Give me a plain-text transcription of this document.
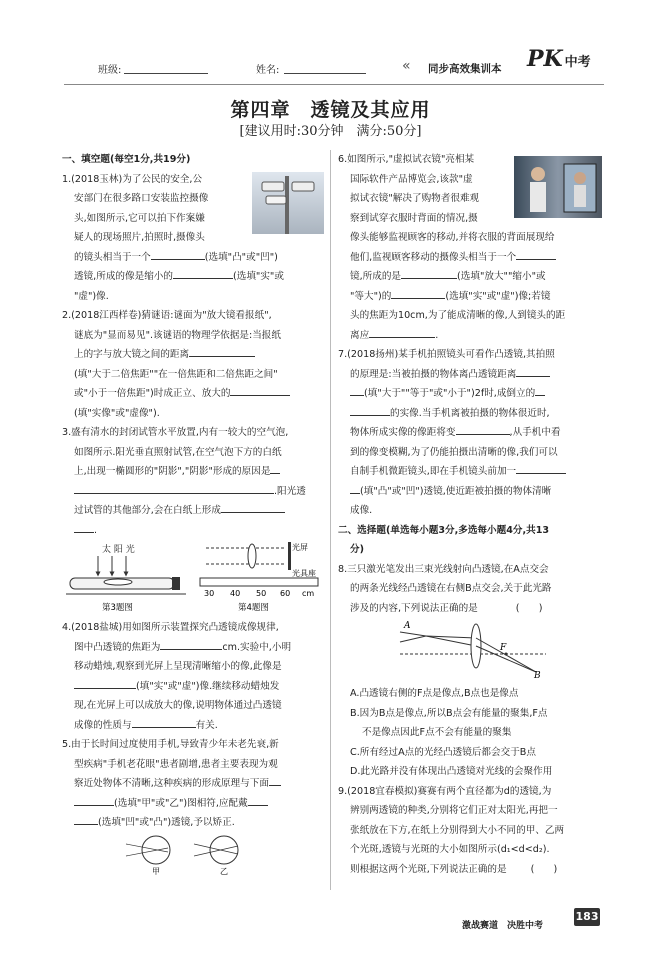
班级:	姓名:	« 同步高效集训本 PK 中考
第四章　透镜及其应用
[建议用时:30分钟　满分:50分]

一、填空题(每空1分,共19分)

1.(2018玉林)为了公民的安全,公

安部门在很多路口安装监控摄像

头,如图所示,它可以拍下作案嫌

疑人的现场照片,拍照时,摄像头

的镜头相当于一个	(选填"凸"或"凹")

透镜,所成的像是缩小的	(选填"实"或

"虚")像.

2.(2018江西样卷)猜谜语:谜面为"放大镜看报纸",

谜底为"显而易见".该谜语的物理学依据是:当报纸

上的字与放大镜之间的距离

(填"大于二倍焦距""在一倍焦距和二倍焦距之间"

或"小于一倍焦距")时成正立、放大的

(填"实像"或"虚像").

3.盛有清水的封闭试管水平放置,内有一较大的空气泡,

如图所示.阳光垂直照射试管,在空气泡下方的白纸

上,出现一椭圆形的"阴影","阴影"形成的原因是

.阳光透

过试管的其他部分,会在白纸上形成

.

太 阳 光
第3题图
光屏
光具座
30 40 50 60 cm
第4题图

4.(2018盐城)用如图所示装置探究凸透镜成像规律,

图中凸透镜的焦距为	cm.实验中,小明

移动蜡烛,观察到光屏上呈现清晰缩小的像,此像是

(填"实"或"虚")像.继续移动蜡烛发

现,在光屏上可以成放大的像,说明物体通过凸透镜

成像的性质与	有关.

5.由于长时间过度使用手机,导致青少年未老先衰,新

型疾病"手机老花眼"患者剧增,患者主要表现为观

察近处物体不清晰,这种疾病的形成原理与下面

(选填"甲"或"乙")图相符,应配戴

(选填"凹"或"凸")透镜,予以矫正.

甲	乙

6.如图所示,"虚拟试衣镜"亮相某

国际软件产品博览会,该款"虚

拟试衣镜"解决了购物者很难观

察到试穿衣服时背面的情况,摄

像头能够监视顾客的移动,并将衣服的背面展现给

他们,监视顾客移动的摄像头相当于一个

镜,所成的是	(选填"放大""缩小"或

"等大")的	(选填"实"或"虚")像;若镜

头的焦距为10cm,为了能成清晰的像,人到镜头的距

离应	.

7.(2018扬州)某手机拍照镜头可看作凸透镜,其拍照

的原理是:当被拍摄的物体离凸透镜距离

(填"大于""等于"或"小于")2f时,成倒立的

的实像.当手机离被拍摄的物体很近时,

物体所成实像的像距将变	,从手机中看

到的像变模糊,为了仍能拍摄出清晰的像,我们可以

自制手机微距镜头,即在手机镜头前加一

(填"凸"或"凹")透镜,使近距被拍摄的物体清晰

成像.

二、选择题(单选每小题3分,多选每小题4分,共13

分)

8.三只激光笔发出三束光线射向凸透镜,在A点交会

的两条光线经凸透镜在右侧B点交会,关于此光路

涉及的内容,下列说法正确的是	(　　)

A
F
B

A.凸透镜右侧的F点是像点,B点也是像点

B.因为B点是像点,所以B点会有能量的聚集,F点

不是像点因此F点不会有能量的聚集

C.所有经过A点的光经凸透镜后都会交于B点

D.此光路并没有体现出凸透镜对光线的会聚作用

9.(2018宜春模拟)赛赛有两个直径都为d的透镜,为

辨别两透镜的种类,分别将它们正对太阳光,再把一

张纸放在下方,在纸上分别得到大小不同的甲、乙两

个光斑,透镜与光斑的大小如图所示(d₁<d<d₂).

则根据这两个光斑,下列说法正确的是	(　　)

激战赛道　决胜中考
183
